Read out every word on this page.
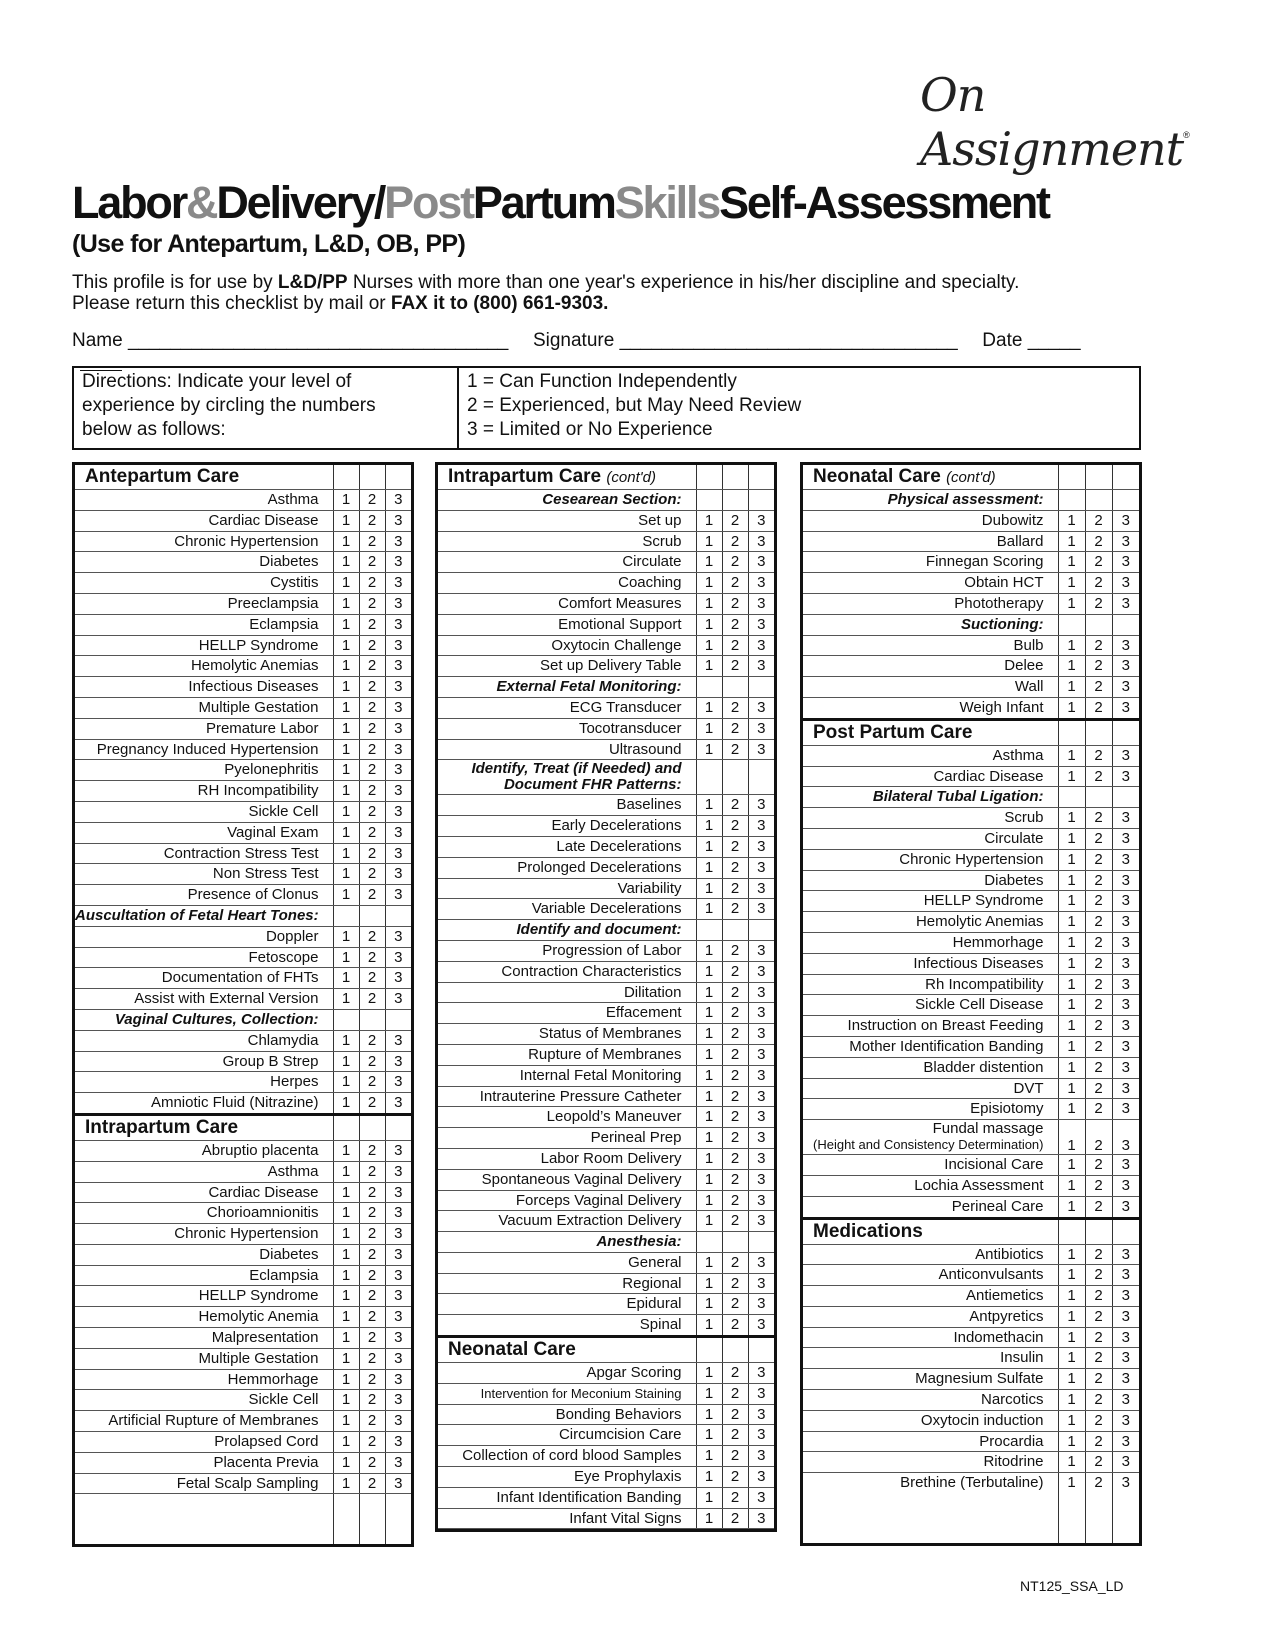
On Assignment®
Labor&Delivery/PostPartumSkillsSelf-Assessment
(Use for Antepartum, L&D, OB, PP)
This profile is for use by L&D/PP Nurses with more than one year's experience in his/her discipline and specialty. Please return this checklist by mail or FAX it to (800) 661-9303.
Name ____________________________________ Signature ________________________________ Date _____
Directions: Indicate your level of
experience by circling the numbers
below as follows:
1 = Can Function Independently
2 = Experienced, but May Need Review
3 = Limited or No Experience
Antepartum Care			

Asthma	1	2	3

Cardiac Disease	1	2	3

Chronic Hypertension	1	2	3

Diabetes	1	2	3

Cystitis	1	2	3

Preeclampsia	1	2	3

Eclampsia	1	2	3

HELLP Syndrome	1	2	3

Hemolytic Anemias	1	2	3

Infectious Diseases	1	2	3

Multiple Gestation	1	2	3

Premature Labor	1	2	3

Pregnancy Induced Hypertension	1	2	3

Pyelonephritis	1	2	3

RH Incompatibility	1	2	3

Sickle Cell	1	2	3

Vaginal Exam	1	2	3

Contraction Stress Test	1	2	3

Non Stress Test	1	2	3

Presence of Clonus	1	2	3

Auscultation of Fetal Heart Tones:			

Doppler	1	2	3

Fetoscope	1	2	3

Documentation of FHTs	1	2	3

Assist with External Version	1	2	3

Vaginal Cultures, Collection:			

Chlamydia	1	2	3

Group B Strep	1	2	3

Herpes	1	2	3

Amniotic Fluid (Nitrazine)	1	2	3
Intrapartum Care			

Abruptio placenta	1	2	3

Asthma	1	2	3

Cardiac Disease	1	2	3

Chorioamnionitis	1	2	3

Chronic Hypertension	1	2	3

Diabetes	1	2	3

Eclampsia	1	2	3

HELLP Syndrome	1	2	3

Hemolytic Anemia	1	2	3

Malpresentation	1	2	3

Multiple Gestation	1	2	3

Hemmorhage	1	2	3

Sickle Cell	1	2	3

Artificial Rupture of Membranes	1	2	3

Prolapsed Cord	1	2	3

Placenta Previa	1	2	3

Fetal Scalp Sampling	1	2	3

Intrapartum Care (cont'd)			

Cesearean Section:			

Set up	1	2	3

Scrub	1	2	3

Circulate	1	2	3

Coaching	1	2	3

Comfort Measures	1	2	3

Emotional Support	1	2	3

Oxytocin Challenge	1	2	3

Set up Delivery Table	1	2	3

External Fetal Monitoring:			

ECG Transducer	1	2	3

Tocotransducer	1	2	3

Ultrasound	1	2	3

Identify, Treat (if Needed) and
Document FHR Patterns:			

Baselines	1	2	3

Early Decelerations	1	2	3

Late Decelerations	1	2	3

Prolonged Decelerations	1	2	3

Variability	1	2	3

Variable Decelerations	1	2	3

Identify and document:			

Progression of Labor	1	2	3

Contraction Characteristics	1	2	3

Dilitation	1	2	3

Effacement	1	2	3

Status of Membranes	1	2	3

Rupture of Membranes	1	2	3

Internal Fetal Monitoring	1	2	3

Intrauterine Pressure Catheter	1	2	3

Leopold’s Maneuver	1	2	3

Perineal Prep	1	2	3

Labor Room Delivery	1	2	3

Spontaneous Vaginal Delivery	1	2	3

Forceps Vaginal Delivery	1	2	3

Vacuum Extraction Delivery	1	2	3

Anesthesia:			

General	1	2	3

Regional	1	2	3

Epidural	1	2	3

Spinal	1	2	3
Neonatal Care			

Apgar Scoring	1	2	3

Intervention for Meconium Staining	1	2	3

Bonding Behaviors	1	2	3

Circumcision Care	1	2	3

Collection of cord blood Samples	1	2	3

Eye Prophylaxis	1	2	3

Infant Identification Banding	1	2	3

Infant Vital Signs	1	2	3
Neonatal Care (cont'd)			

Physical assessment:			

Dubowitz	1	2	3

Ballard	1	2	3

Finnegan Scoring	1	2	3

Obtain HCT	1	2	3

Phototherapy	1	2	3

Suctioning:			

Bulb	1	2	3

Delee	1	2	3

Wall	1	2	3

Weigh Infant	1	2	3
Post Partum Care			

Asthma	1	2	3

Cardiac Disease	1	2	3

Bilateral Tubal Ligation:			

Scrub	1	2	3

Circulate	1	2	3

Chronic Hypertension	1	2	3

Diabetes	1	2	3

HELLP Syndrome	1	2	3

Hemolytic Anemias	1	2	3

Hemmorhage	1	2	3

Infectious Diseases	1	2	3

Rh Incompatibility	1	2	3

Sickle Cell Disease	1	2	3

Instruction on Breast Feeding	1	2	3

Mother Identification Banding	1	2	3

Bladder distention	1	2	3

DVT	1	2	3

Episiotomy	1	2	3

Fundal massage
(Height and Consistency Determination)	1	2	3

Incisional Care	1	2	3

Lochia Assessment	1	2	3

Perineal Care	1	2	3
Medications			

Antibiotics	1	2	3

Anticonvulsants	1	2	3

Antiemetics	1	2	3

Antpyretics	1	2	3

Indomethacin	1	2	3

Insulin	1	2	3

Magnesium Sulfate	1	2	3

Narcotics	1	2	3

Oxytocin induction	1	2	3

Procardia	1	2	3

Ritodrine	1	2	3

Brethine (Terbutaline)	1	2	3

NT125_SSA_LD
